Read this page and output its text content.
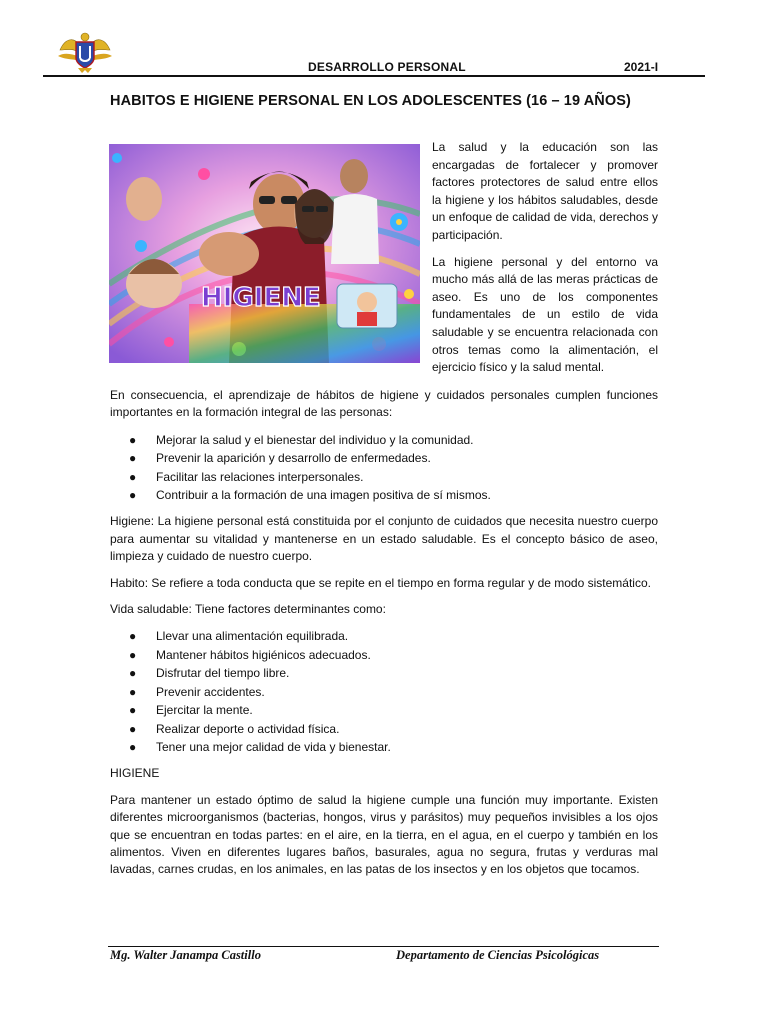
DESARROLLO PERSONAL	2021-I
HABITOS E HIGIENE PERSONAL EN LOS ADOLESCENTES (16 – 19 AÑOS)
HIGIENE

La salud y la educación son las encargadas de fortalecer y promover factores protectores de salud entre ellos la higiene y los hábitos saludables, desde un enfoque de calidad de vida, derechos y participación.

La higiene personal y del entorno va mucho más allá de las meras prácticas de aseo. Es uno de los componentes fundamentales de un estilo de vida saludable y se encuentra relacionada con otros temas como la alimentación, el ejercicio físico y la salud mental.

En consecuencia, el aprendizaje de hábitos de higiene y cuidados personales cumplen funciones importantes en la formación integral de las personas:

● Mejorar la salud y el bienestar del individuo y la comunidad.
● Prevenir la aparición y desarrollo de enfermedades.
● Facilitar las relaciones interpersonales.
● Contribuir a la formación de una imagen positiva de sí mismos.

Higiene: La higiene personal está constituida por el conjunto de cuidados que necesita nuestro cuerpo para aumentar su vitalidad y mantenerse en un estado saludable. Es el concepto básico de aseo, limpieza y cuidado de nuestro cuerpo.

Habito: Se refiere a toda conducta que se repite en el tiempo en forma regular y de modo sistemático.

Vida saludable: Tiene factores determinantes como:

● Llevar una alimentación equilibrada.
● Mantener hábitos higiénicos adecuados.
● Disfrutar del tiempo libre.
● Prevenir accidentes.
● Ejercitar la mente.
● Realizar deporte o actividad física.
● Tener una mejor calidad de vida y bienestar.

HIGIENE

Para mantener un estado óptimo de salud la higiene cumple una función muy importante. Existen diferentes microorganismos (bacterias, hongos, virus y parásitos) muy pequeños invisibles a los ojos que se encuentran en todas partes: en el aire, en la tierra, en el agua, en el cuerpo y también en los alimentos. Viven en diferentes lugares baños, basurales, agua no segura, frutas y verduras mal lavadas, carnes crudas, en los animales, en las patas de los insectos y en los objetos que tocamos.

Mg. Walter Janampa Castillo	Departamento de Ciencias Psicológicas
